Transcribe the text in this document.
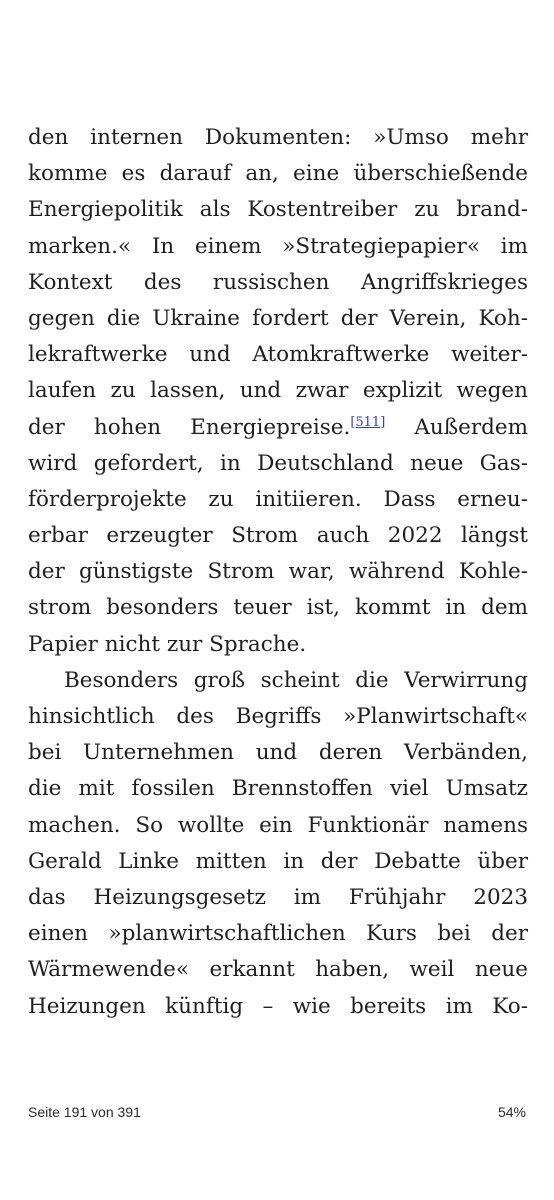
den internen Dokumenten: »Umso mehr
komme es darauf an, eine überschießende
Energiepolitik als Kostentreiber zu brand-
marken.« In einem »Strategiepapier« im
Kontext des russischen Angriffskrieges
gegen die Ukraine fordert der Verein, Koh-
lekraftwerke und Atomkraftwerke weiter-
laufen zu lassen, und zwar explizit wegen
der hohen Energiepreise.[511] Außerdem
wird gefordert, in Deutschland neue Gas-
förderprojekte zu initiieren. Dass erneu-
erbar erzeugter Strom auch 2022 längst
der günstigste Strom war, während Kohle-
strom besonders teuer ist, kommt in dem
Papier nicht zur Sprache.
Besonders groß scheint die Verwirrung
hinsichtlich des Begriffs »Planwirtschaft«
bei Unternehmen und deren Verbänden,
die mit fossilen Brennstoffen viel Umsatz
machen. So wollte ein Funktionär namens
Gerald Linke mitten in der Debatte über
das Heizungsgesetz im Frühjahr 2023
einen »planwirtschaftlichen Kurs bei der
Wärmewende« erkannt haben, weil neue
Heizungen künftig – wie bereits im Ko-
Seite 191 von 391	54%
